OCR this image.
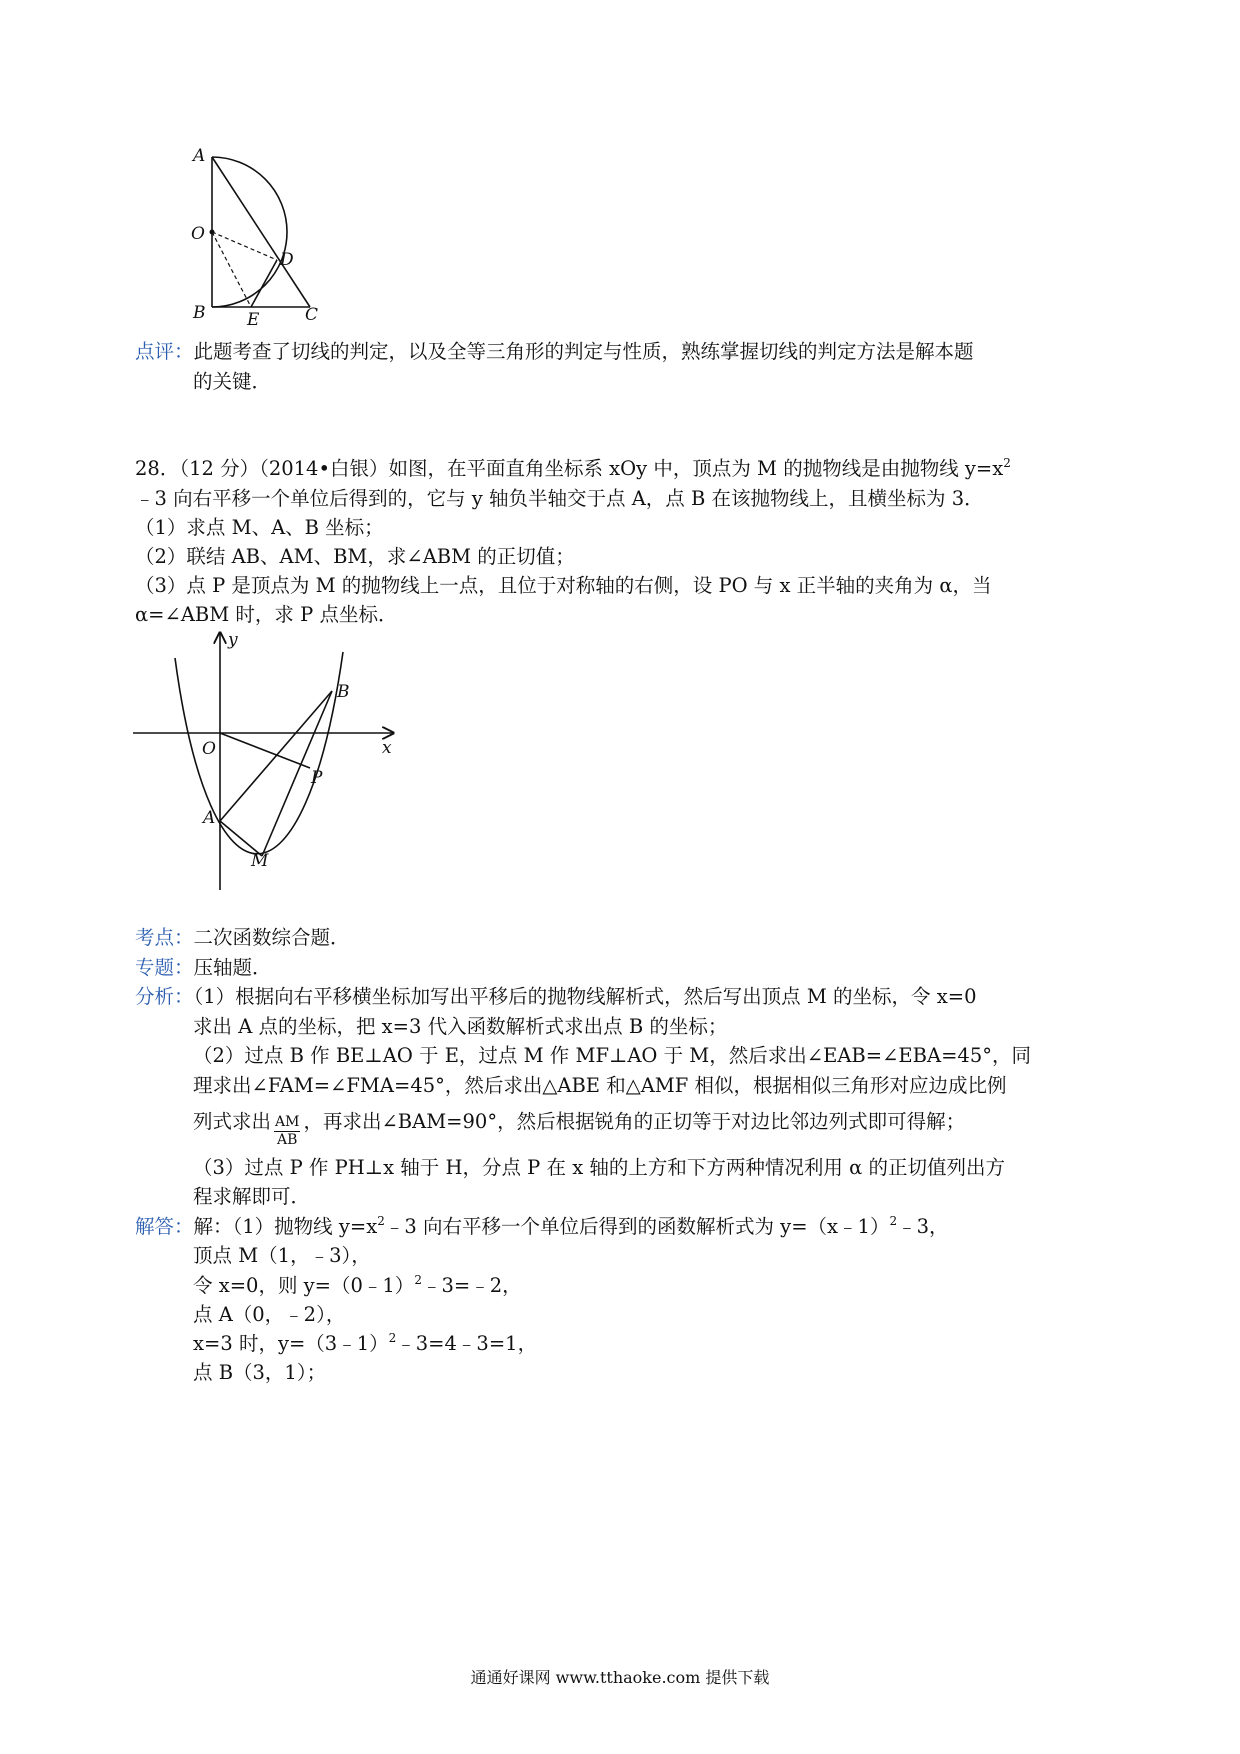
A
O
D
B E	C
点评：此题考查了切线的判定，以及全等三角形的判定与性质，熟练掌握切线的判定方法是解本题
的关键．
28．（12 分）（2014•白银）如图，在平面直角坐标系 xOy 中，顶点为 M 的抛物线是由抛物线 $y=x^2$
﹣3 向右平移一个单位后得到的，它与 y 轴负半轴交于点 A，点 B 在该抛物线上，且横坐标为 3．
（1）求点 M、A、B 坐标；
（2）联结 AB、AM、BM，求∠ABM 的正切值；
（3）点 P 是顶点为 M 的抛物线上一点，且位于对称轴的右侧，设 PO 与 x 正半轴的夹角为 α，当
α=∠ABM 时，求 P 点坐标．
y
x
O
B
P
A
M
考点：二次函数综合题．
专题：压轴题．
分析：（1）根据向右平移横坐标加写出平移后的抛物线解析式，然后写出顶点 M 的坐标，令 x=0
求出 A 点的坐标，把 x=3 代入函数解析式求出点 B 的坐标；
（2）过点 B 作 BE⊥AO 于 E，过点 M 作 MF⊥AO 于 M，然后求出∠EAB=∠EBA=45°，同
理求出∠FAM=∠FMA=45°，然后求出△ABE 和△AMF 相似，根据相似三角形对应边成比例
列式求出 $\frac{AM}{AB}$ ，再求出∠BAM=90°，然后根据锐角的正切等于对边比邻边列式即可得解；
（3）过点 P 作 PH⊥x 轴于 H，分点 P 在 x 轴的上方和下方两种情况利用 α 的正切值列出方
程求解即可．
解答：解：（1）抛物线 $y=x^2﹣3$ 向右平移一个单位后得到的函数解析式为 y=（x﹣1）$^2$﹣3，
顶点 M（1，﹣3），
令 x=0，则 y=（0﹣1）$^2$﹣3=﹣2，
点 A（0，﹣2），
x=3 时，y=（3﹣1）$^2$﹣3=4﹣3=1，
点 B（3，1）；
通通好课网 www.tthaoke.com 提供下载
